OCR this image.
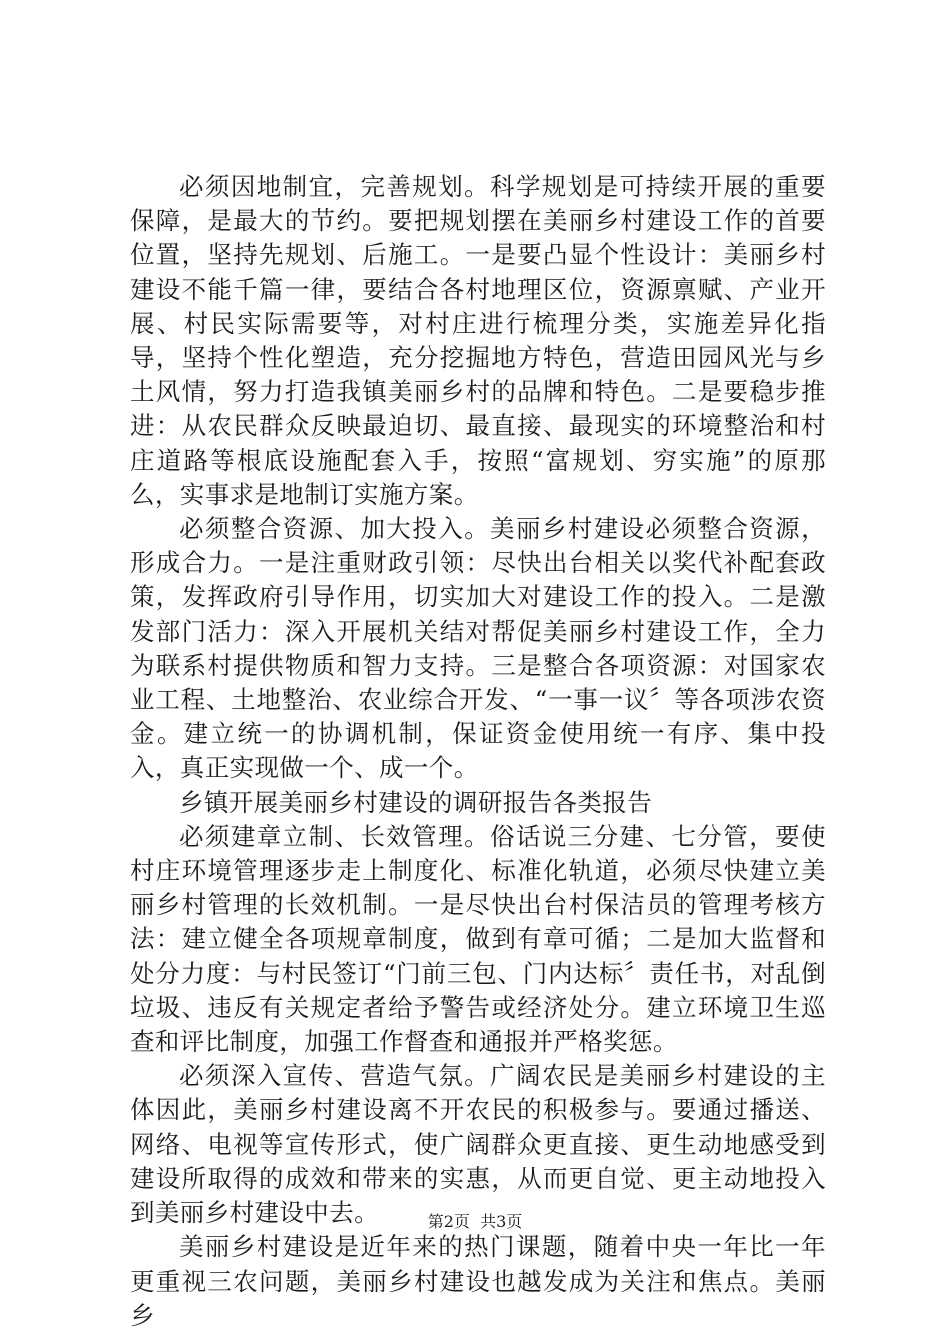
必须因地制宜，完善规划。科学规划是可持续开展的重要保障，是最大的节约。要把规划摆在美丽乡村建设工作的首要位置，坚持先规划、后施工。一是要凸显个性设计：美丽乡村建设不能千篇一律，要结合各村地理区位，资源禀赋、产业开展、村民实际需要等，对村庄进行梳理分类，实施差异化指导，坚持个性化塑造，充分挖掘地方特色，营造田园风光与乡土风情，努力打造我镇美丽乡村的品牌和特色。二是要稳步推进：从农民群众反映最迫切、最直接、最现实的环境整治和村庄道路等根底设施配套入手，按照“富规划、穷实施”的原那么，实事求是地制订实施方案。

必须整合资源、加大投入。美丽乡村建设必须整合资源，形成合力。一是注重财政引领：尽快出台相关以奖代补配套政策，发挥政府引导作用，切实加大对建设工作的投入。二是激发部门活力：深入开展机关结对帮促美丽乡村建设工作，全力为联系村提供物质和智力支持。三是整合各项资源：对国家农业工程、土地整治、农业综合开发、“一事一议〞等各项涉农资金。建立统一的协调机制，保证资金使用统一有序、集中投入，真正实现做一个、成一个。

乡镇开展美丽乡村建设的调研报告各类报告

必须建章立制、长效管理。俗话说三分建、七分管，要使村庄环境管理逐步走上制度化、标准化轨道，必须尽快建立美丽乡村管理的长效机制。一是尽快出台村保洁员的管理考核方法：建立健全各项规章制度，做到有章可循；二是加大监督和处分力度：与村民签订“门前三包、门内达标〞责任书，对乱倒垃圾、违反有关规定者给予警告或经济处分。建立环境卫生巡查和评比制度，加强工作督查和通报并严格奖惩。

必须深入宣传、营造气氛。广阔农民是美丽乡村建设的主体因此，美丽乡村建设离不开农民的积极参与。要通过播送、网络、电视等宣传形式，使广阔群众更直接、更生动地感受到建设所取得的成效和带来的实惠，从而更自觉、更主动地投入到美丽乡村建设中去。

美丽乡村建设是近年来的热门课题，随着中央一年比一年更重视三农问题，美丽乡村建设也越发成为关注和焦点。美丽乡

第2页  共3页
